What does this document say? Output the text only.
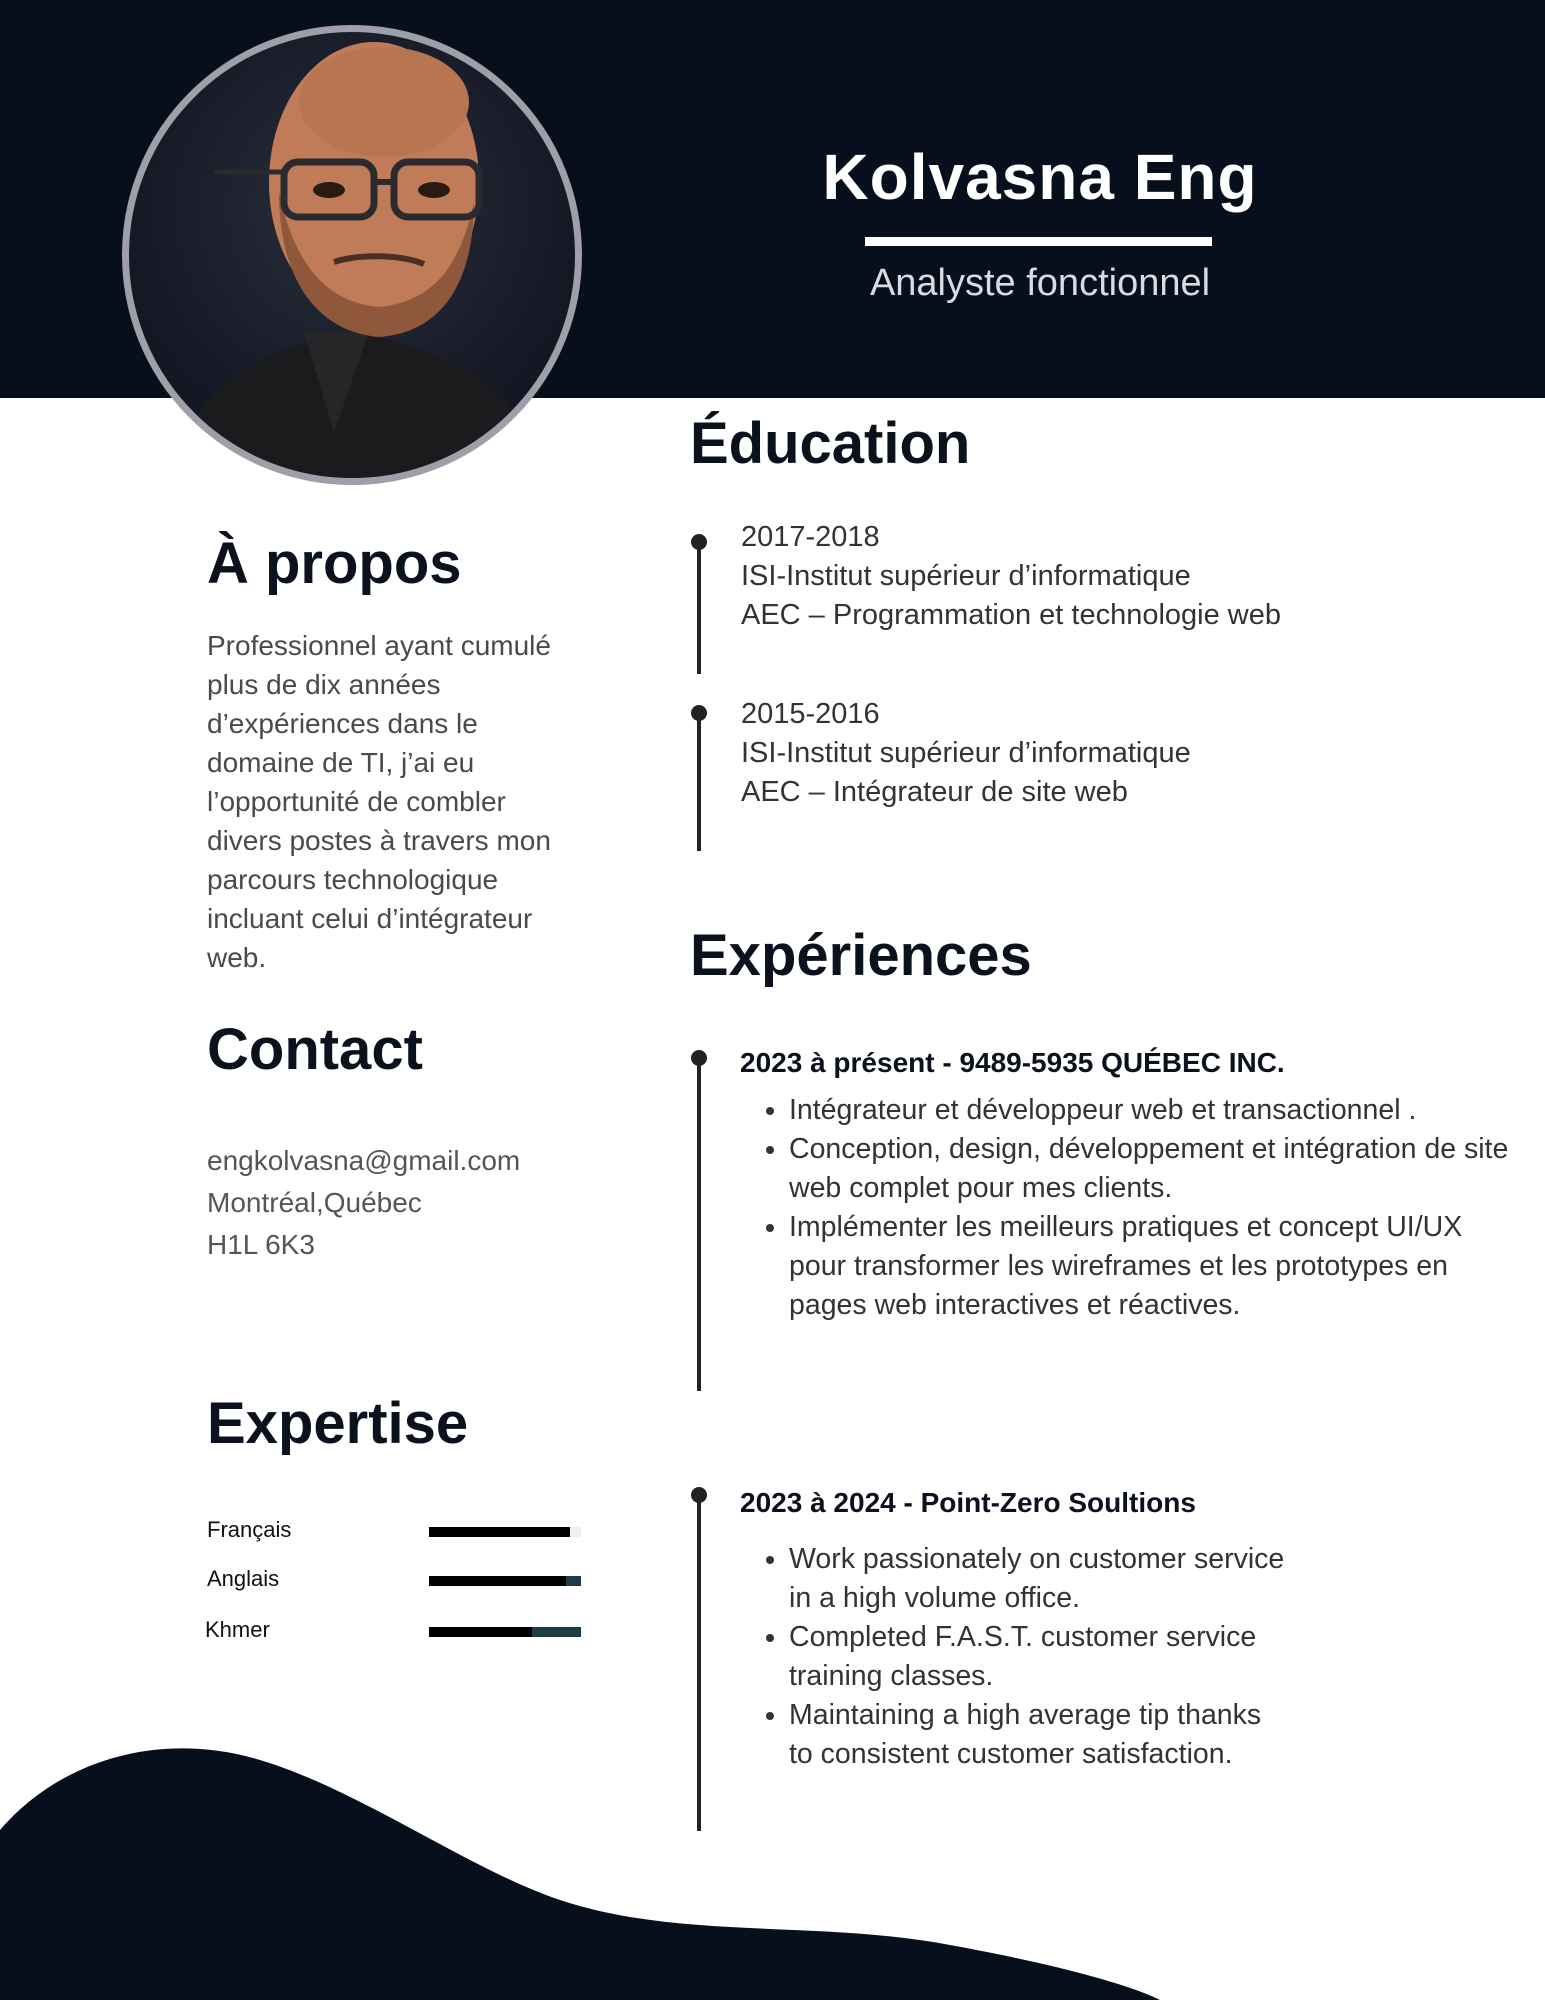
Kolvasna Eng
Analyste fonctionnel
À propos
Professionnel ayant cumulé plus de dix années d’expériences dans le domaine de TI, j’ai eu l’opportunité de combler divers postes à travers mon parcours technologique incluant celui d’intégrateur web.
Contact
engkolvasna@gmail.com
Montréal,Québec
H1L 6K3
Expertise
Français
Anglais
Khmer
Éducation
2017-2018
ISI-Institut supérieur d’informatique
AEC – Programmation et technologie web
2015-2016
ISI-Institut supérieur d’informatique
AEC – Intégrateur de site web
Expériences
2023 à présent - 9489-5935 QUÉBEC INC.
• Intégrateur et développeur web et transactionnel .
• Conception, design, développement et intégration de site web complet pour mes clients.
• Implémenter les meilleurs pratiques et concept UI/UX pour transformer les wireframes et les prototypes en pages web interactives et réactives.
2023 à 2024 - Point-Zero Soultions
• Work passionately on customer service in a high volume office.
• Completed F.A.S.T. customer service training classes.
• Maintaining a high average tip thanks to consistent customer satisfaction.
